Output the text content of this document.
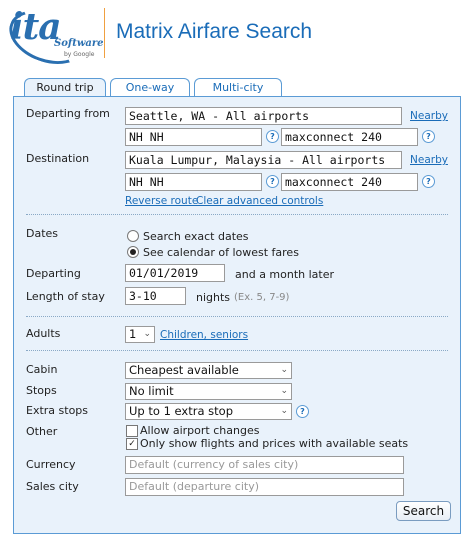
ita
Software
by Google
Matrix Airfare Search
Round trip	One-way	Multi-city
Departing from	Seattle, WA - All airports	Nearby
NH NH	? maxconnect 240	?
Destination	Kuala Lumpur, Malaysia - All airports	Nearby
NH NH	? maxconnect 240	?
Reverse route
Clear advanced controls
Dates	Search exact dates
See calendar of lowest fares
Departing	01/01/2019	and a month later
Length of stay	3-10	nights (Ex. 5, 7-9)
Adults	1 ⌄ Children, seniors
Cabin	Cheapest available	⌄
Stops	No limit	⌄
Extra stops	Up to 1 extra stop	⌄	?
Other	Allow airport changes
✓ Only show flights and prices with available seats
Currency	Default (currency of sales city)
Sales city	Default (departure city)
Search
